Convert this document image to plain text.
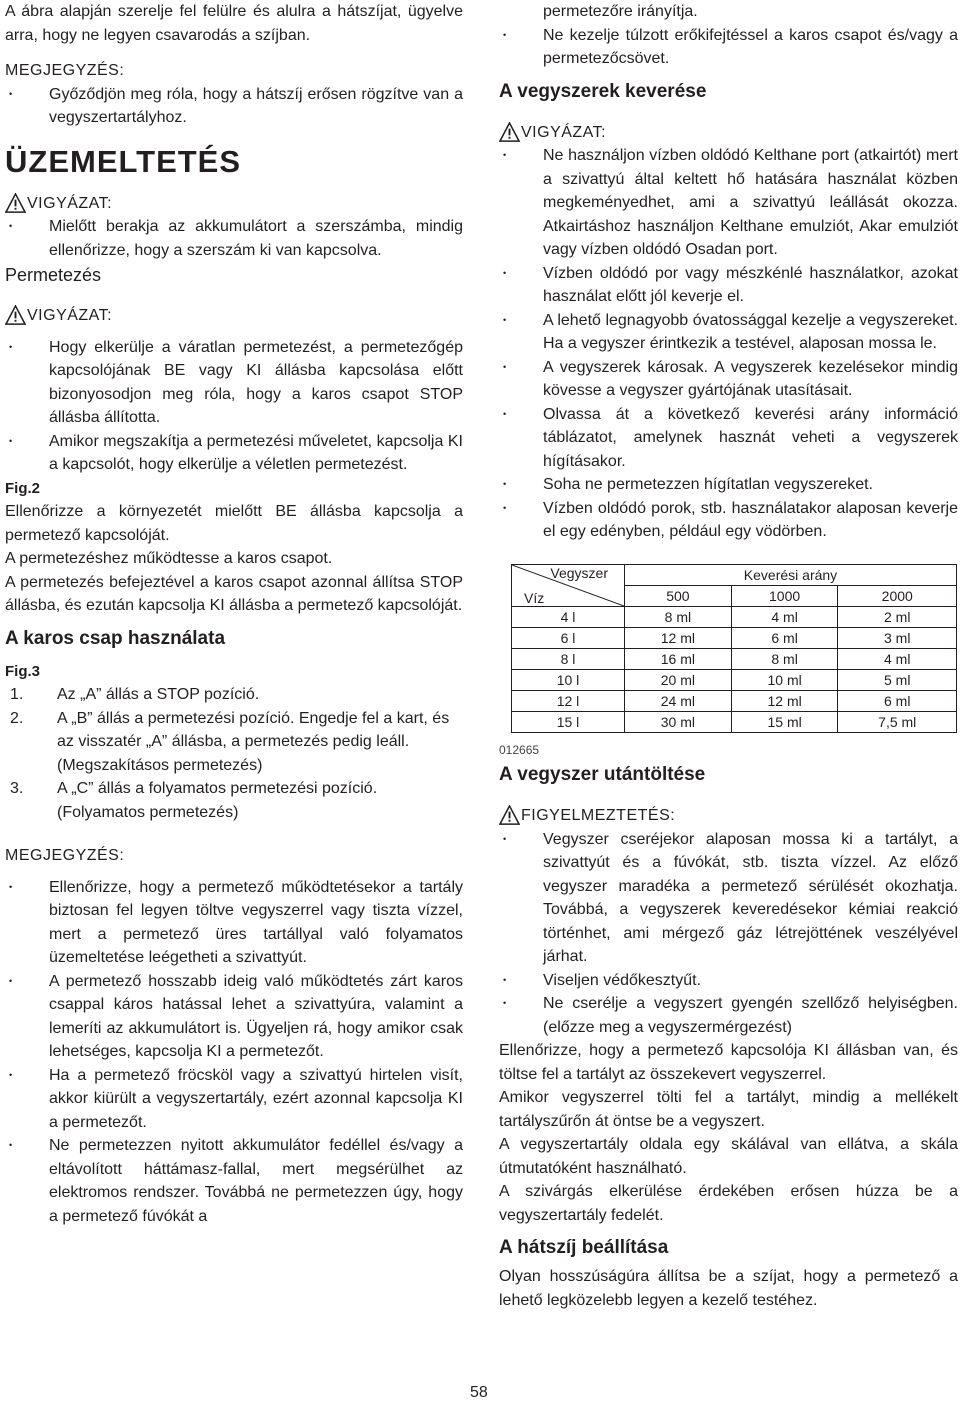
A ábra alapján szerelje fel felülre és alulra a hátszíjat, ügyelve arra, hogy ne legyen csavarodás a szíjban.

MEGJEGYZÉS:

• Győződjön meg róla, hogy a hátszíj erősen rögzítve van a vegyszertartályhoz.
ÜZEMELTETÉS
VIGYÁZAT:
• Mielőtt berakja az akkumulátort a szerszámba, mindig ellenőrizze, hogy a szerszám ki van kapcsolva.

Permetezés

VIGYÁZAT:
• Hogy elkerülje a váratlan permetezést, a permetezőgép kapcsolójának BE vagy KI állásba kapcsolása előtt bizonyosodjon meg róla, hogy a karos csapot STOP állásba állította.
• Amikor megszakítja a permetezési műveletet, kapcsolja KI a kapcsolót, hogy elkerülje a véletlen permetezést.

Fig.2

Ellenőrizze a környezetét mielőtt BE állásba kapcsolja a permetező kapcsolóját.

A permetezéshez működtesse a karos csapot.

A permetezés befejeztével a karos csapot azonnal állítsa STOP állásba, és ezután kapcsolja KI állásba a permetező kapcsolóját.

A karos csap használata

Fig.3

1. Az „A” állás a STOP pozíció.
2. A „B” állás a permetezési pozíció. Engedje fel a kart, és az visszatér „A” állásba, a permetezés pedig leáll. (Megszakításos permetezés)
3. A „C” állás a folyamatos permetezési pozíció. (Folyamatos permetezés)

MEGJEGYZÉS:

• Ellenőrizze, hogy a permetező működtetésekor a tartály biztosan fel legyen töltve vegyszerrel vagy tiszta vízzel, mert a permetező üres tartállyal való folyamatos üzemeltetése leégetheti a szivattyút.
• A permetező hosszabb ideig való működtetés zárt karos csappal káros hatással lehet a szivattyúra, valamint a lemeríti az akkumulátort is. Ügyeljen rá, hogy amikor csak lehetséges, kapcsolja KI a permetezőt.
• Ha a permetező fröcsköl vagy a szivattyú hirtelen visít, akkor kiürült a vegyszertartály, ezért azonnal kapcsolja KI a permetezőt.
• Ne permetezzen nyitott akkumulátor fedéllel és/vagy a eltávolított háttámasz-fallal, mert megsérülhet az elektromos rendszer. Továbbá ne permetezzen úgy, hogy a permetező fúvókát a
permetezőre irányítja.
• Ne kezelje túlzott erőkifejtéssel a karos csapot és/vagy a permetezőcsövet.

A vegyszerek keverése

VIGYÁZAT:
• Ne használjon vízben oldódó Kelthane port (atkairtót) mert a szivattyú által keltett hő hatására használat közben megkeményedhet, ami a szivattyú leállását okozza. Atkairtáshoz használjon Kelthane emulziót, Akar emulziót vagy vízben oldódó Osadan port.
• Vízben oldódó por vagy mészkénlé használatkor, azokat használat előtt jól keverje el.
• A lehető legnagyobb óvatossággal kezelje a vegyszereket. Ha a vegyszer érintkezik a testével, alaposan mossa le.
• A vegyszerek károsak. A vegyszerek kezelésekor mindig kövesse a vegyszer gyártójának utasításait.
• Olvassa át a következő keverési arány információ táblázatot, amelynek hasznát veheti a vegyszerek hígításakor.
• Soha ne permetezzen hígítatlan vegyszereket.
• Vízben oldódó porok, stb. használatakor alaposan keverje el egy edényben, például egy vödörben.
Vegyszer
Víz	Keverési arány		
	500	1000	2000
4 l	8 ml	4 ml	2 ml
6 l	12 ml	6 ml	3 ml
8 l	16 ml	8 ml	4 ml
10 l	20 ml	10 ml	5 ml
12 l	24 ml	12 ml	6 ml
15 l	30 ml	15 ml	7,5 ml

012665

A vegyszer utántöltése

FIGYELMEZTETÉS:
• Vegyszer cseréjekor alaposan mossa ki a tartályt, a szivattyút és a fúvókát, stb. tiszta vízzel. Az előző vegyszer maradéka a permetező sérülését okozhatja. Továbbá, a vegyszerek keveredésekor kémiai reakció történhet, ami mérgező gáz létrejöttének veszélyével járhat.
• Viseljen védőkesztyűt.
• Ne cserélje a vegyszert gyengén szellőző helyiségben. (előzze meg a vegyszermérgezést)

Ellenőrizze, hogy a permetező kapcsolója KI állásban van, és töltse fel a tartályt az összekevert vegyszerrel.

Amikor vegyszerrel tölti fel a tartályt, mindig a mellékelt tartályszűrőn át öntse be a vegyszert.

A vegyszertartály oldala egy skálával van ellátva, a skála útmutatóként használható.

A szivárgás elkerülése érdekében erősen húzza be a vegyszertartály fedelét.

A hátszíj beállítása

Olyan hosszúságúra állítsa be a szíjat, hogy a permetező a lehető legközelebb legyen a kezelő testéhez.

58
